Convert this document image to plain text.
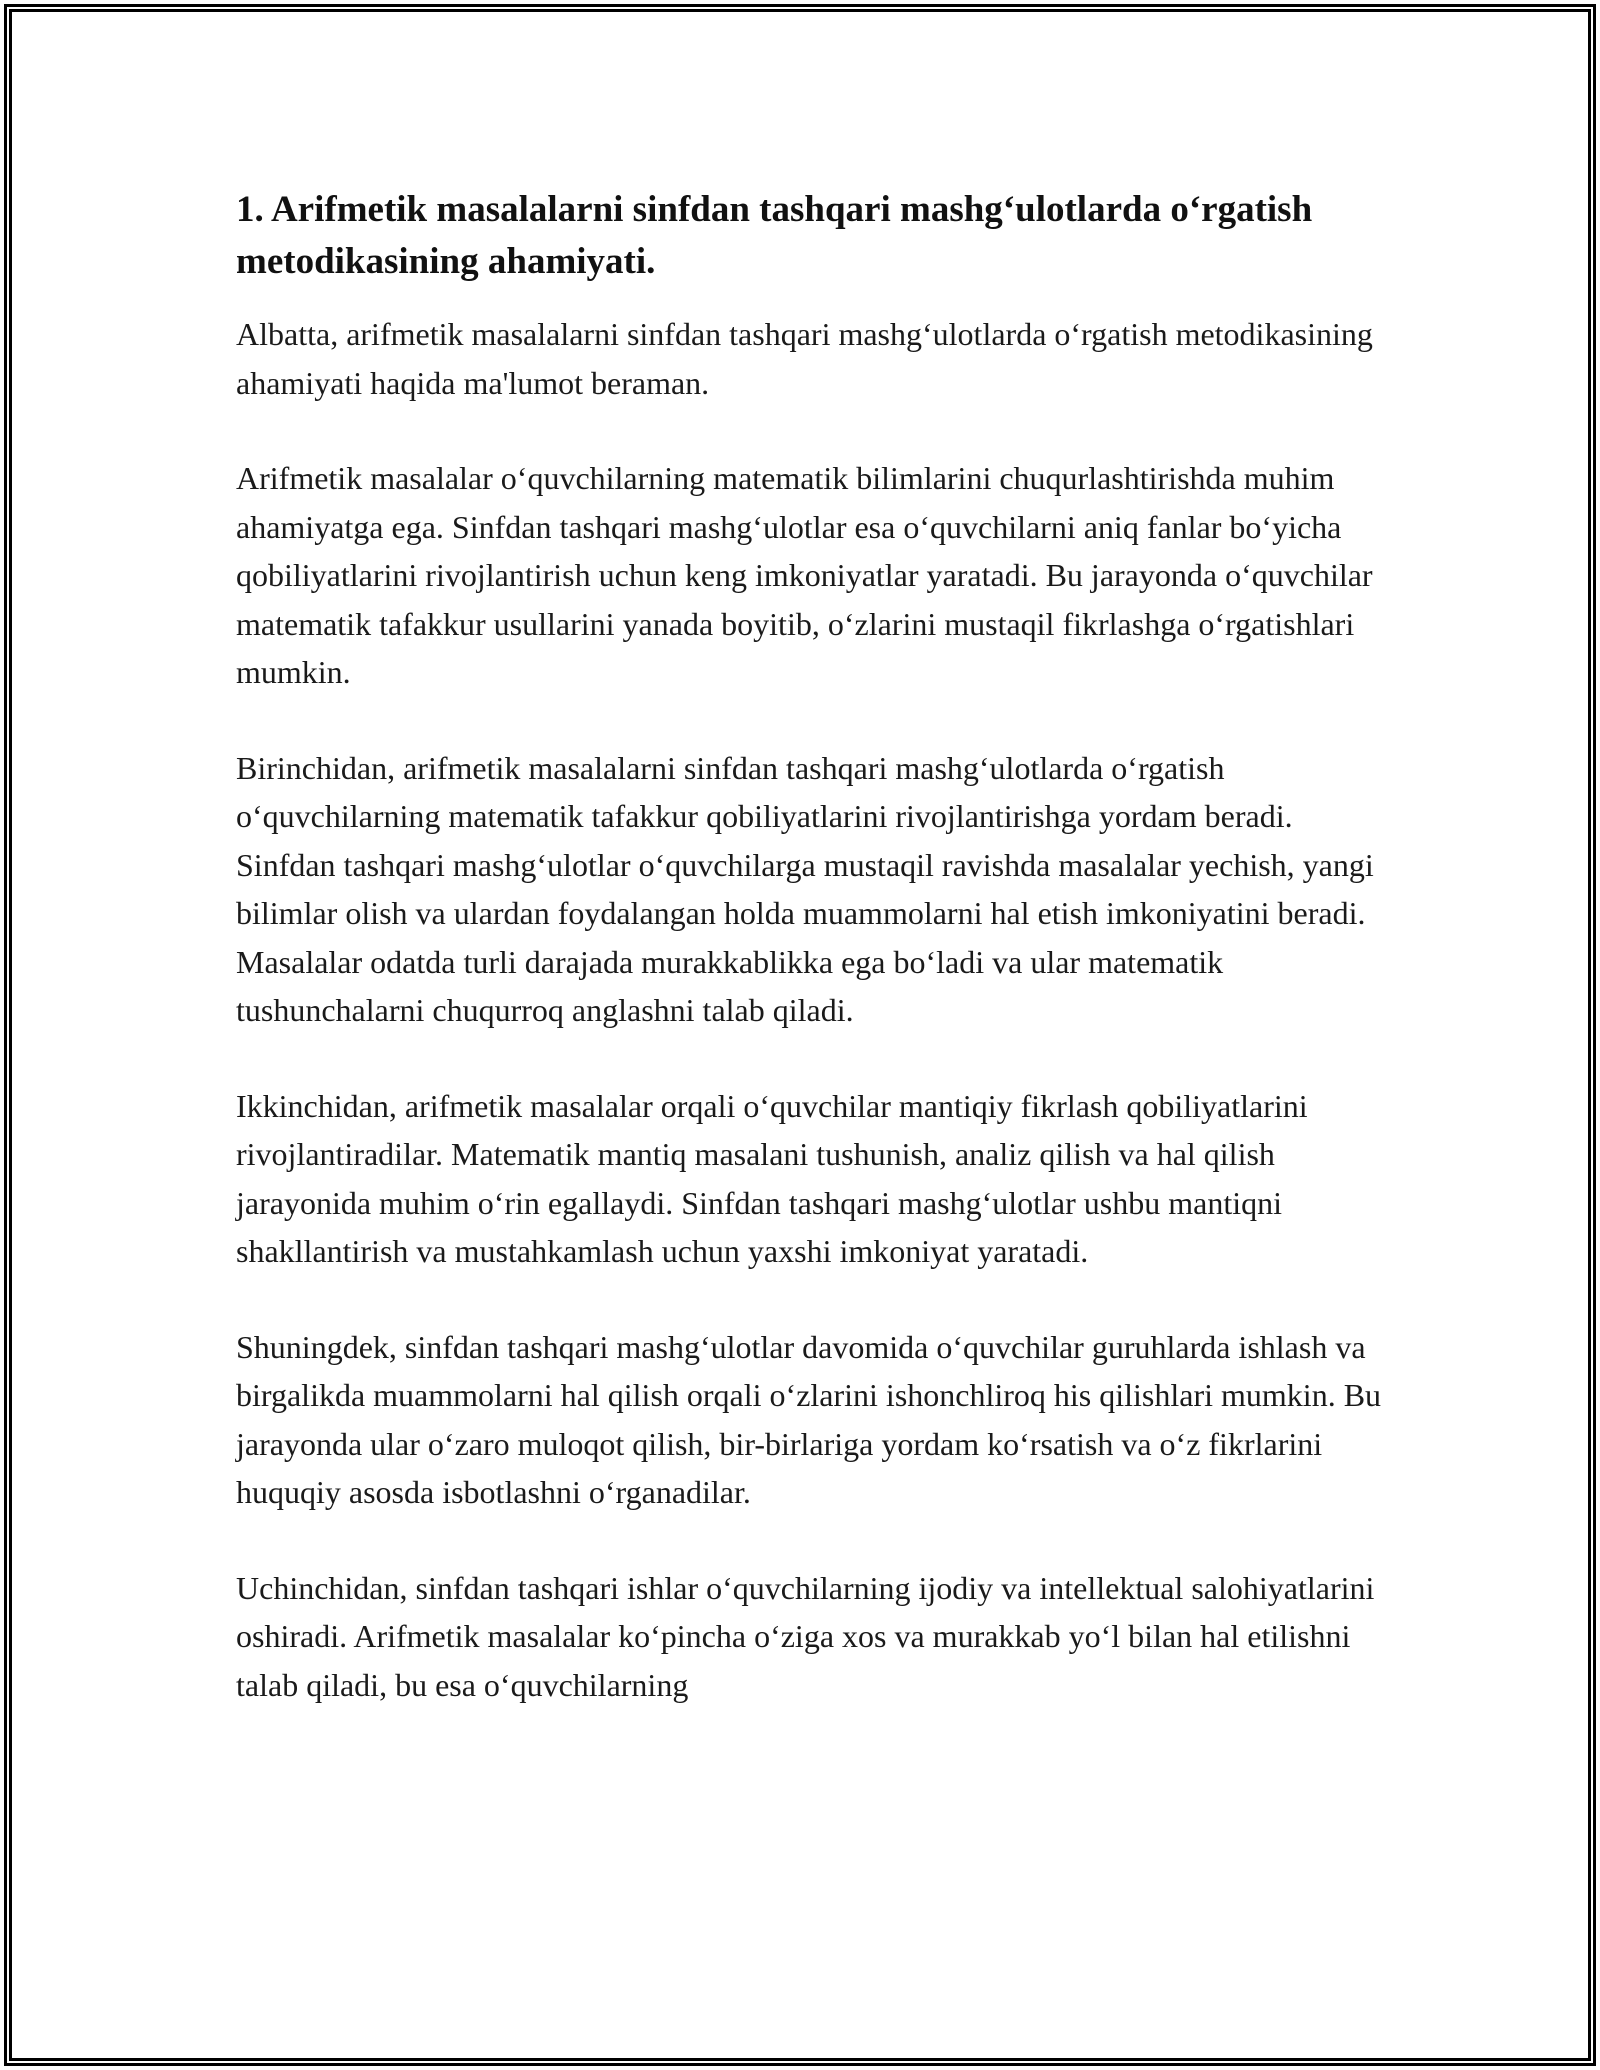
1. Arifmetik masalalarni sinfdan tashqari mashg‘ulotlarda o‘rgatish metodikasining ahamiyati.

Albatta, arifmetik masalalarni sinfdan tashqari mashg‘ulotlarda o‘rgatish metodikasining ahamiyati haqida ma'lumot beraman.

Arifmetik masalalar o‘quvchilarning matematik bilimlarini chuqurlashtirishda muhim ahamiyatga ega. Sinfdan tashqari mashg‘ulotlar esa o‘quvchilarni aniq fanlar bo‘yicha qobiliyatlarini rivojlantirish uchun keng imkoniyatlar yaratadi. Bu jarayonda o‘quvchilar matematik tafakkur usullarini yanada boyitib, o‘zlarini mustaqil fikrlashga o‘rgatishlari mumkin.

Birinchidan, arifmetik masalalarni sinfdan tashqari mashg‘ulotlarda o‘rgatish o‘quvchilarning matematik tafakkur qobiliyatlarini rivojlantirishga yordam beradi. Sinfdan tashqari mashg‘ulotlar o‘quvchilarga mustaqil ravishda masalalar yechish, yangi bilimlar olish va ulardan foydalangan holda muammolarni hal etish imkoniyatini beradi. Masalalar odatda turli darajada murakkablikka ega bo‘ladi va ular matematik tushunchalarni chuqurroq anglashni talab qiladi.

Ikkinchidan, arifmetik masalalar orqali o‘quvchilar mantiqiy fikrlash qobiliyatlarini rivojlantiradilar. Matematik mantiq masalani tushunish, analiz qilish va hal qilish jarayonida muhim o‘rin egallaydi. Sinfdan tashqari mashg‘ulotlar ushbu mantiqni shakllantirish va mustahkamlash uchun yaxshi imkoniyat yaratadi.

Shuningdek, sinfdan tashqari mashg‘ulotlar davomida o‘quvchilar guruhlarda ishlash va birgalikda muammolarni hal qilish orqali o‘zlarini ishonchliroq his qilishlari mumkin. Bu jarayonda ular o‘zaro muloqot qilish, bir-birlariga yordam ko‘rsatish va o‘z fikrlarini huquqiy asosda isbotlashni o‘rganadilar.

Uchinchidan, sinfdan tashqari ishlar o‘quvchilarning ijodiy va intellektual salohiyatlarini oshiradi. Arifmetik masalalar ko‘pincha o‘ziga xos va murakkab yo‘l bilan hal etilishni talab qiladi, bu esa o‘quvchilarning
